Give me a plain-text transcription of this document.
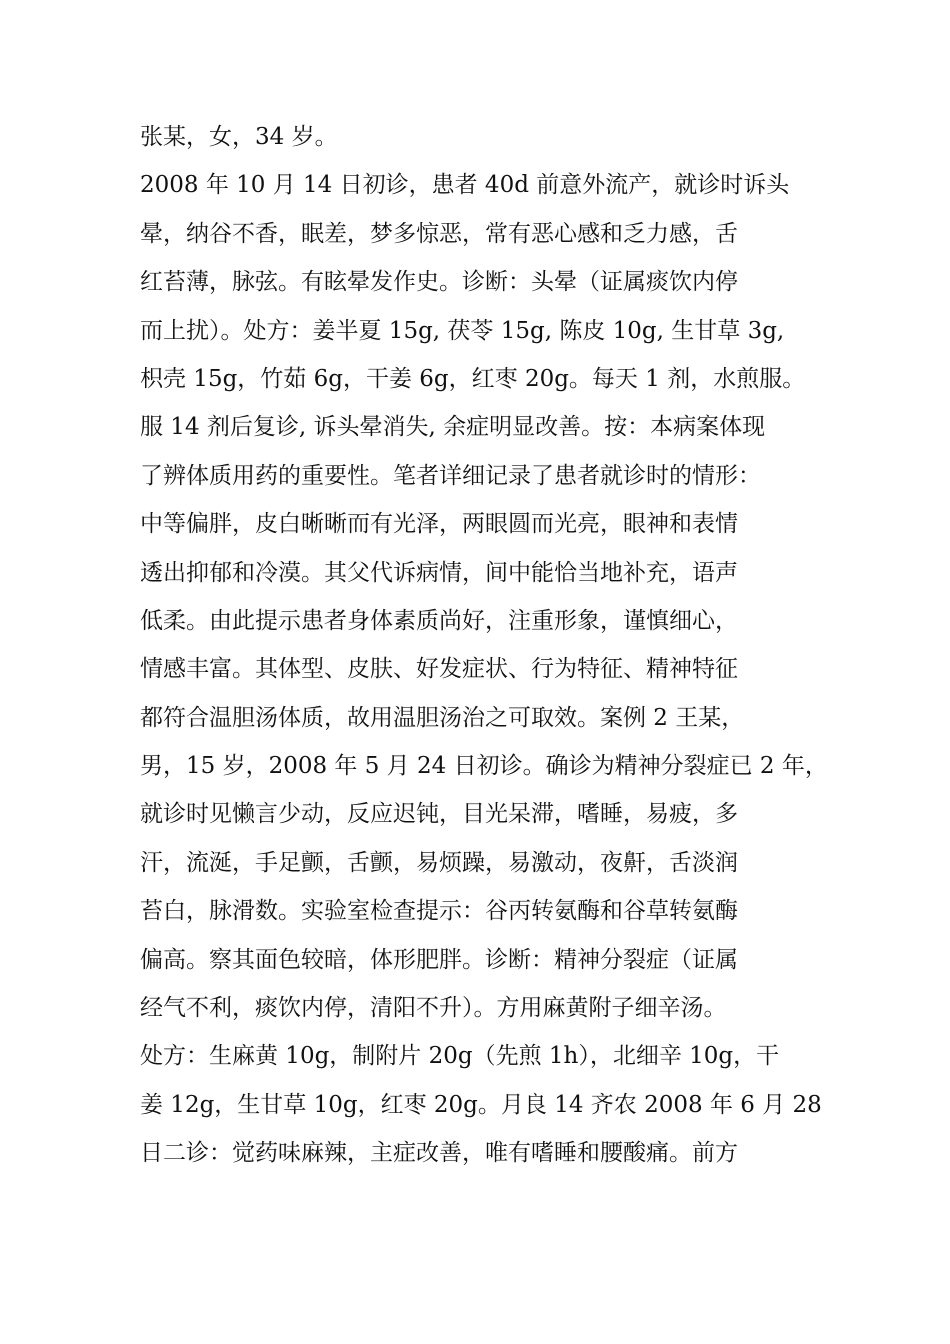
张某，女，34 岁。
2008 年 10 月 14 日初诊，患者 40d 前意外流产，就诊时诉头
晕，纳谷不香，眠差，梦多惊恶，常有恶心感和乏力感，舌
红苔薄，脉弦。有眩晕发作史。诊断：头晕（证属痰饮内停
而上扰）。处方：姜半夏 15g, 茯苓 15g, 陈皮 10g, 生甘草 3g,
枳壳 15g，竹茹 6g，干姜 6g，红枣 20g。每天 1 剂，水煎服。
服 14 剂后复诊, 诉头晕消失, 余症明显改善。按：本病案体现
了辨体质用药的重要性。笔者详细记录了患者就诊时的情形：
中等偏胖，皮白晰晰而有光泽，两眼圆而光亮，眼神和表情
透出抑郁和冷漠。其父代诉病情，间中能恰当地补充，语声
低柔。由此提示患者身体素质尚好，注重形象，谨慎细心，
情感丰富。其体型、皮肤、好发症状、行为特征、精神特征
都符合温胆汤体质，故用温胆汤治之可取效。案例 2 王某，
男，15 岁，2008 年 5 月 24 日初诊。确诊为精神分裂症已 2 年，
就诊时见懒言少动，反应迟钝，目光呆滞，嗜睡，易疲，多
汗，流涎，手足颤，舌颤，易烦躁，易激动，夜鼾，舌淡润
苔白，脉滑数。实验室检查提示：谷丙转氨酶和谷草转氨酶
偏高。察其面色较暗，体形肥胖。诊断：精神分裂症（证属
经气不利，痰饮内停，清阳不升）。方用麻黄附子细辛汤。
处方：生麻黄 10g，制附片 20g（先煎 1h），北细辛 10g，干
姜 12g，生甘草 10g，红枣 20g。月良 14 齐农 2008 年 6 月 28
日二诊：觉药味麻辣，主症改善，唯有嗜睡和腰酸痛。前方
